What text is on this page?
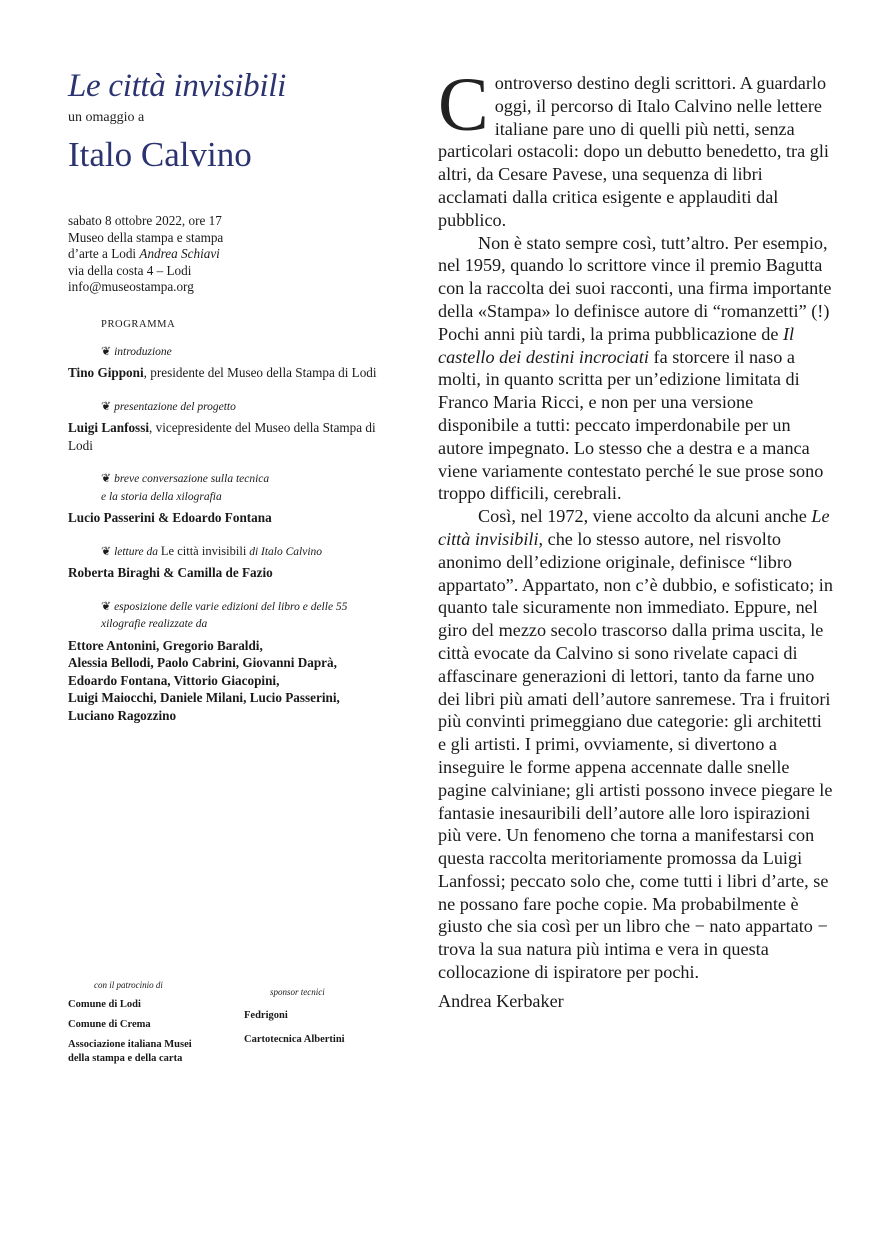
Le città invisibili
un omaggio a
Italo Calvino
sabato 8 ottobre 2022, ore 17
Museo della stampa e stampa
d’arte a Lodi Andrea Schiavi
via della costa 4 – Lodi
info@museostampa.org
PROGRAMMA
❦ introduzione
Tino Gipponi, presidente del Museo della Stampa di Lodi
❦ presentazione del progetto
Luigi Lanfossi, vicepresidente del Museo della Stampa di Lodi
❦ breve conversazione sulla tecnica
e la storia della xilografia
Lucio Passerini & Edoardo Fontana
❦ letture da Le città invisibili di Italo Calvino
Roberta Biraghi & Camilla de Fazio
❦ esposizione delle varie edizioni del libro e delle 55
xilografie realizzate da
Ettore Antonini, Gregorio Baraldi,
Alessia Bellodi, Paolo Cabrini, Giovanni Daprà,
Edoardo Fontana, Vittorio Giacopini,
Luigi Maiocchi, Daniele Milani, Lucio Passerini,
Luciano Ragozzino
con il patrocinio di
Comune di Lodi
Comune di Crema
Associazione italiana Musei
della stampa e della carta
sponsor tecnici
Fedrigoni
Cartotecnica Albertini

Controverso destino degli scrittori. A guardarlo oggi, il percorso di Italo Calvino nelle lettere italiane pare uno di quelli più netti, senza particolari ostacoli: dopo un debutto benedetto, tra gli altri, da Cesare Pavese, una sequenza di libri acclamati dalla critica esigente e applauditi dal pubblico.

Non è stato sempre così, tutt’altro. Per esempio, nel 1959, quando lo scrittore vince il premio Bagutta con la raccolta dei suoi racconti, una firma importante della «Stampa» lo definisce autore di “romanzetti” (!) Pochi anni più tardi, la prima pubblicazione de Il castello dei destini incrociati fa storcere il naso a molti, in quanto scritta per un’edizione limitata di Franco Maria Ricci, e non per una versione disponibile a tutti: peccato imperdonabile per un autore impegnato. Lo stesso che a destra e a manca viene variamente contestato perché le sue prose sono troppo difficili, cerebrali.

Così, nel 1972, viene accolto da alcuni anche Le città invisibili, che lo stesso autore, nel risvolto anonimo dell’edizione originale, definisce “libro appartato”. Appartato, non c’è dubbio, e sofisticato; in quanto tale sicuramente non immediato. Eppure, nel giro del mezzo secolo trascorso dalla prima uscita, le città evocate da Calvino si sono rivelate capaci di affascinare generazioni di lettori, tanto da farne uno dei libri più amati dell’autore sanremese. Tra i fruitori più convinti primeggiano due categorie: gli architetti e gli artisti. I primi, ovviamente, si divertono a inseguire le forme appena accennate dalle snelle pagine calviniane; gli artisti possono invece piegare le fantasie inesauribili dell’autore alle loro ispirazioni più vere. Un fenomeno che torna a manifestarsi con questa raccolta meritoriamente promossa da Luigi Lanfossi; peccato solo che, come tutti i libri d’arte, se ne possano fare poche copie. Ma probabilmente è giusto che sia così per un libro che − nato appartato − trova la sua natura più intima e vera in questa collocazione di ispiratore per pochi.

Andrea Kerbaker
